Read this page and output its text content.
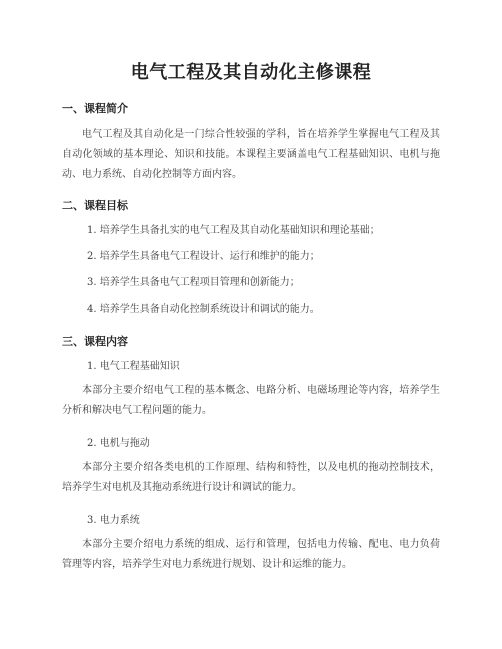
电气工程及其自动化主修课程
一、课程简介
电气工程及其自动化是一门综合性较强的学科，旨在培养学生掌握电气工程及其自动化领域的基本理论、知识和技能。本课程主要涵盖电气工程基础知识、电机与拖动、电力系统、自动化控制等方面内容。
二、课程目标
1. 培养学生具备扎实的电气工程及其自动化基础知识和理论基础；
2. 培养学生具备电气工程设计、运行和维护的能力；
3. 培养学生具备电气工程项目管理和创新能力；
4. 培养学生具备自动化控制系统设计和调试的能力。
三、课程内容
1. 电气工程基础知识
本部分主要介绍电气工程的基本概念、电路分析、电磁场理论等内容，培养学生分析和解决电气工程问题的能力。
2. 电机与拖动
本部分主要介绍各类电机的工作原理、结构和特性，以及电机的拖动控制技术，培养学生对电机及其拖动系统进行设计和调试的能力。
3. 电力系统
本部分主要介绍电力系统的组成、运行和管理，包括电力传输、配电、电力负荷管理等内容，培养学生对电力系统进行规划、设计和运维的能力。
